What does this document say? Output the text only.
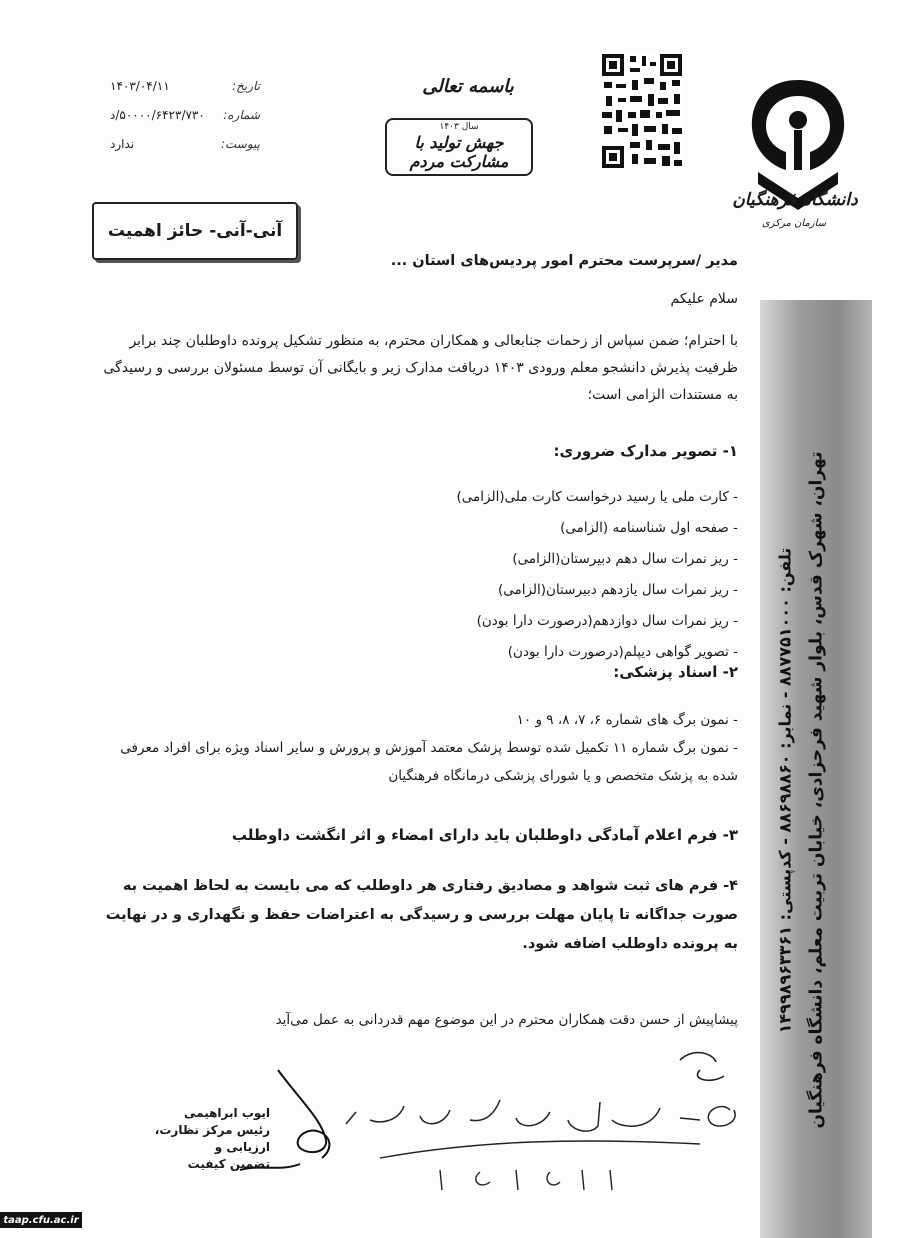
تهران، شهرک قدس، بلوار شهید فرحزادی، خیابان تربیت معلم، دانشگاه فرهنگیان
تلفن: ۸۸۷۷۵۱۰۰۰ - نمابر: ۸۸۶۹۸۸۶۰ - کدپستی: ۱۴۹۹۸۹۶۳۳۶۱
دانشگاه فرهنگیان
سازمان مرکزی
باسمه تعالی
سال ۱۴۰۳
جهش تولید با مشارکت مردم
تاریخ:
۱۴۰۳/۰۴/۱۱
شماره:
۵۰۰۰۰/۶۴۲۳/۷۳۰/د
پیوست:
ندارد
آنی-آنی- حائز اهمیت
مدیر /سرپرست محترم امور پردیس‌های استان ...
سلام علیکم
با احترام؛ ضمن سپاس از زحمات جنابعالی و همکاران محترم، به منظور تشکیل پرونده داوطلبان چند برابر ظرفیت پذیرش دانشجو معلم ورودی ۱۴۰۳ دریافت مدارک زیر و بایگانی آن توسط مسئولان بررسی و رسیدگی به مستندات الزامی است؛
۱- تصویر مدارک ضروری:
- کارت ملی یا رسید درخواست کارت ملی(الزامی)
- صفحه اول شناسنامه (الزامی)
- ریز نمرات سال دهم دبیرستان(الزامی)
- ریز نمرات سال یازدهم دبیرستان(الزامی)
- ریز نمرات سال دوازدهم(درصورت دارا بودن)
- تصویر گواهی دیپلم(درصورت دارا بودن)
۲- اسناد پزشکی:
- نمون برگ های شماره ۶، ۷، ۸، ۹ و ۱۰
- نمون برگ شماره ۱۱ تکمیل شده توسط پزشک معتمد آموزش و پرورش و سایر اسناد ویژه برای افراد معرفی شده به پزشک متخصص و یا شورای پزشکی درمانگاه فرهنگیان
۳- فرم اعلام آمادگی داوطلبان باید دارای امضاء و اثر انگشت داوطلب
۴- فرم های ثبت شواهد و مصادیق رفتاری هر داوطلب که می بایست به لحاظ اهمیت به صورت جداگانه تا پایان مهلت بررسی و رسیدگی به اعتراضات حفظ و نگهداری و در نهایت به پرونده داوطلب اضافه شود.
پیشاپیش از حسن دقت همکاران محترم در این موضوع مهم قدردانی به عمل می‌آید
ایوب ابراهیمی
رئیس مرکز نظارت، ارزیابی و
تضمین کیفیت
taap.cfu.ac.ir
